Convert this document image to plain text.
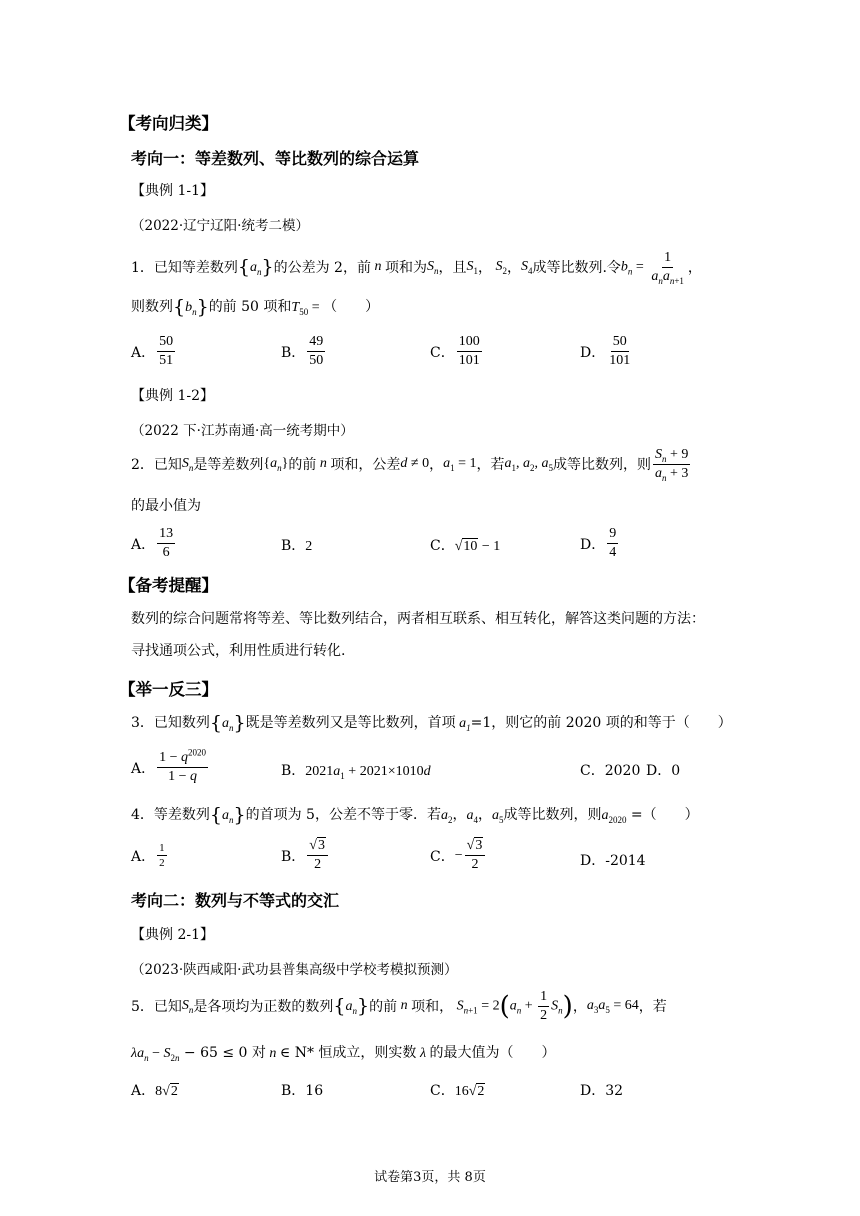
【考向归类】
考向一：等差数列、等比数列的综合运算
【典例 1-1】
（2022·辽宁辽阳·统考二模）
1． 已知等差数列 $\{a_n\}$ 的公差为 2，前 n 项和为 $S_n$ ，且 $S_1$ ， $S_2$ ， $S_4$ 成等比数列.令 $b_n = \frac{1}{a_na_{n+1}}$ ，
则数列$\{b_n\}$的前 50 项和$T_{50}$ = （　　）
A． $\frac{50}{51}$	B． $\frac{49}{50}$	C． $\frac{100}{101}$	D． $\frac{50}{101}$
【典例 1-2】
（2022 下·江苏南通·高一统考期中）
2． 已知 $S_n$ 是等差数列 $\{a_n\}$ 的前 n 项和，公差 d ≠ 0 ， $a_1 = 1$ ，若 $a_1$, $a_2$, $a_5$ 成等比数列，则 $\frac{S_n + 9}{a_n + 3}$
的最小值为
A． $\frac{13}{6}$	B．2	C．√10 − 1	D． $\frac{9}{4}$
【备考提醒】
数列的综合问题常将等差、等比数列结合，两者相互联系、相互转化，解答这类问题的方法：
寻找通项公式，利用性质进行转化.
【举一反三】
3．已知数列$\{a_n\}$既是等差数列又是等比数列，首项 $a_1=1$，则它的前 2020 项的和等于（　　）
A． $\frac{1 - q^{2020}}{1 - q}$	B．$2021a_1 + 2021\times 1010d$	C．2020 D．0
4．等差数列$\{a_n\}$的首项为 5，公差不等于零．若$a_2$，$a_4$，$a_5$成等比数列，则$a_{2020}$ =（　　）
A． $\frac{1}{2}$	B． $\frac{√3}{2}$	C． − $\frac{√3}{2}$	D．-2014
考向二：数列与不等式的交汇
【典例 2-1】
（2023·陕西咸阳·武功县普集高级中学校考模拟预测）
5． 已知 $S_n$ 是各项均为正数的数列 $\{a_n\}$ 的前 n 项和， $S_{n+1} = 2(a_n + \frac{1}{2} S_n)$ ， $a_3a_5 = 64$ ，若
$\lambda a_n - S_{2n} - 65 \le 0$ 对 n ∈ N* 恒成立，则实数 λ 的最大值为（　　）
A．8√2	B．16	C．16√2	D．32
试卷第3页，共 8页
